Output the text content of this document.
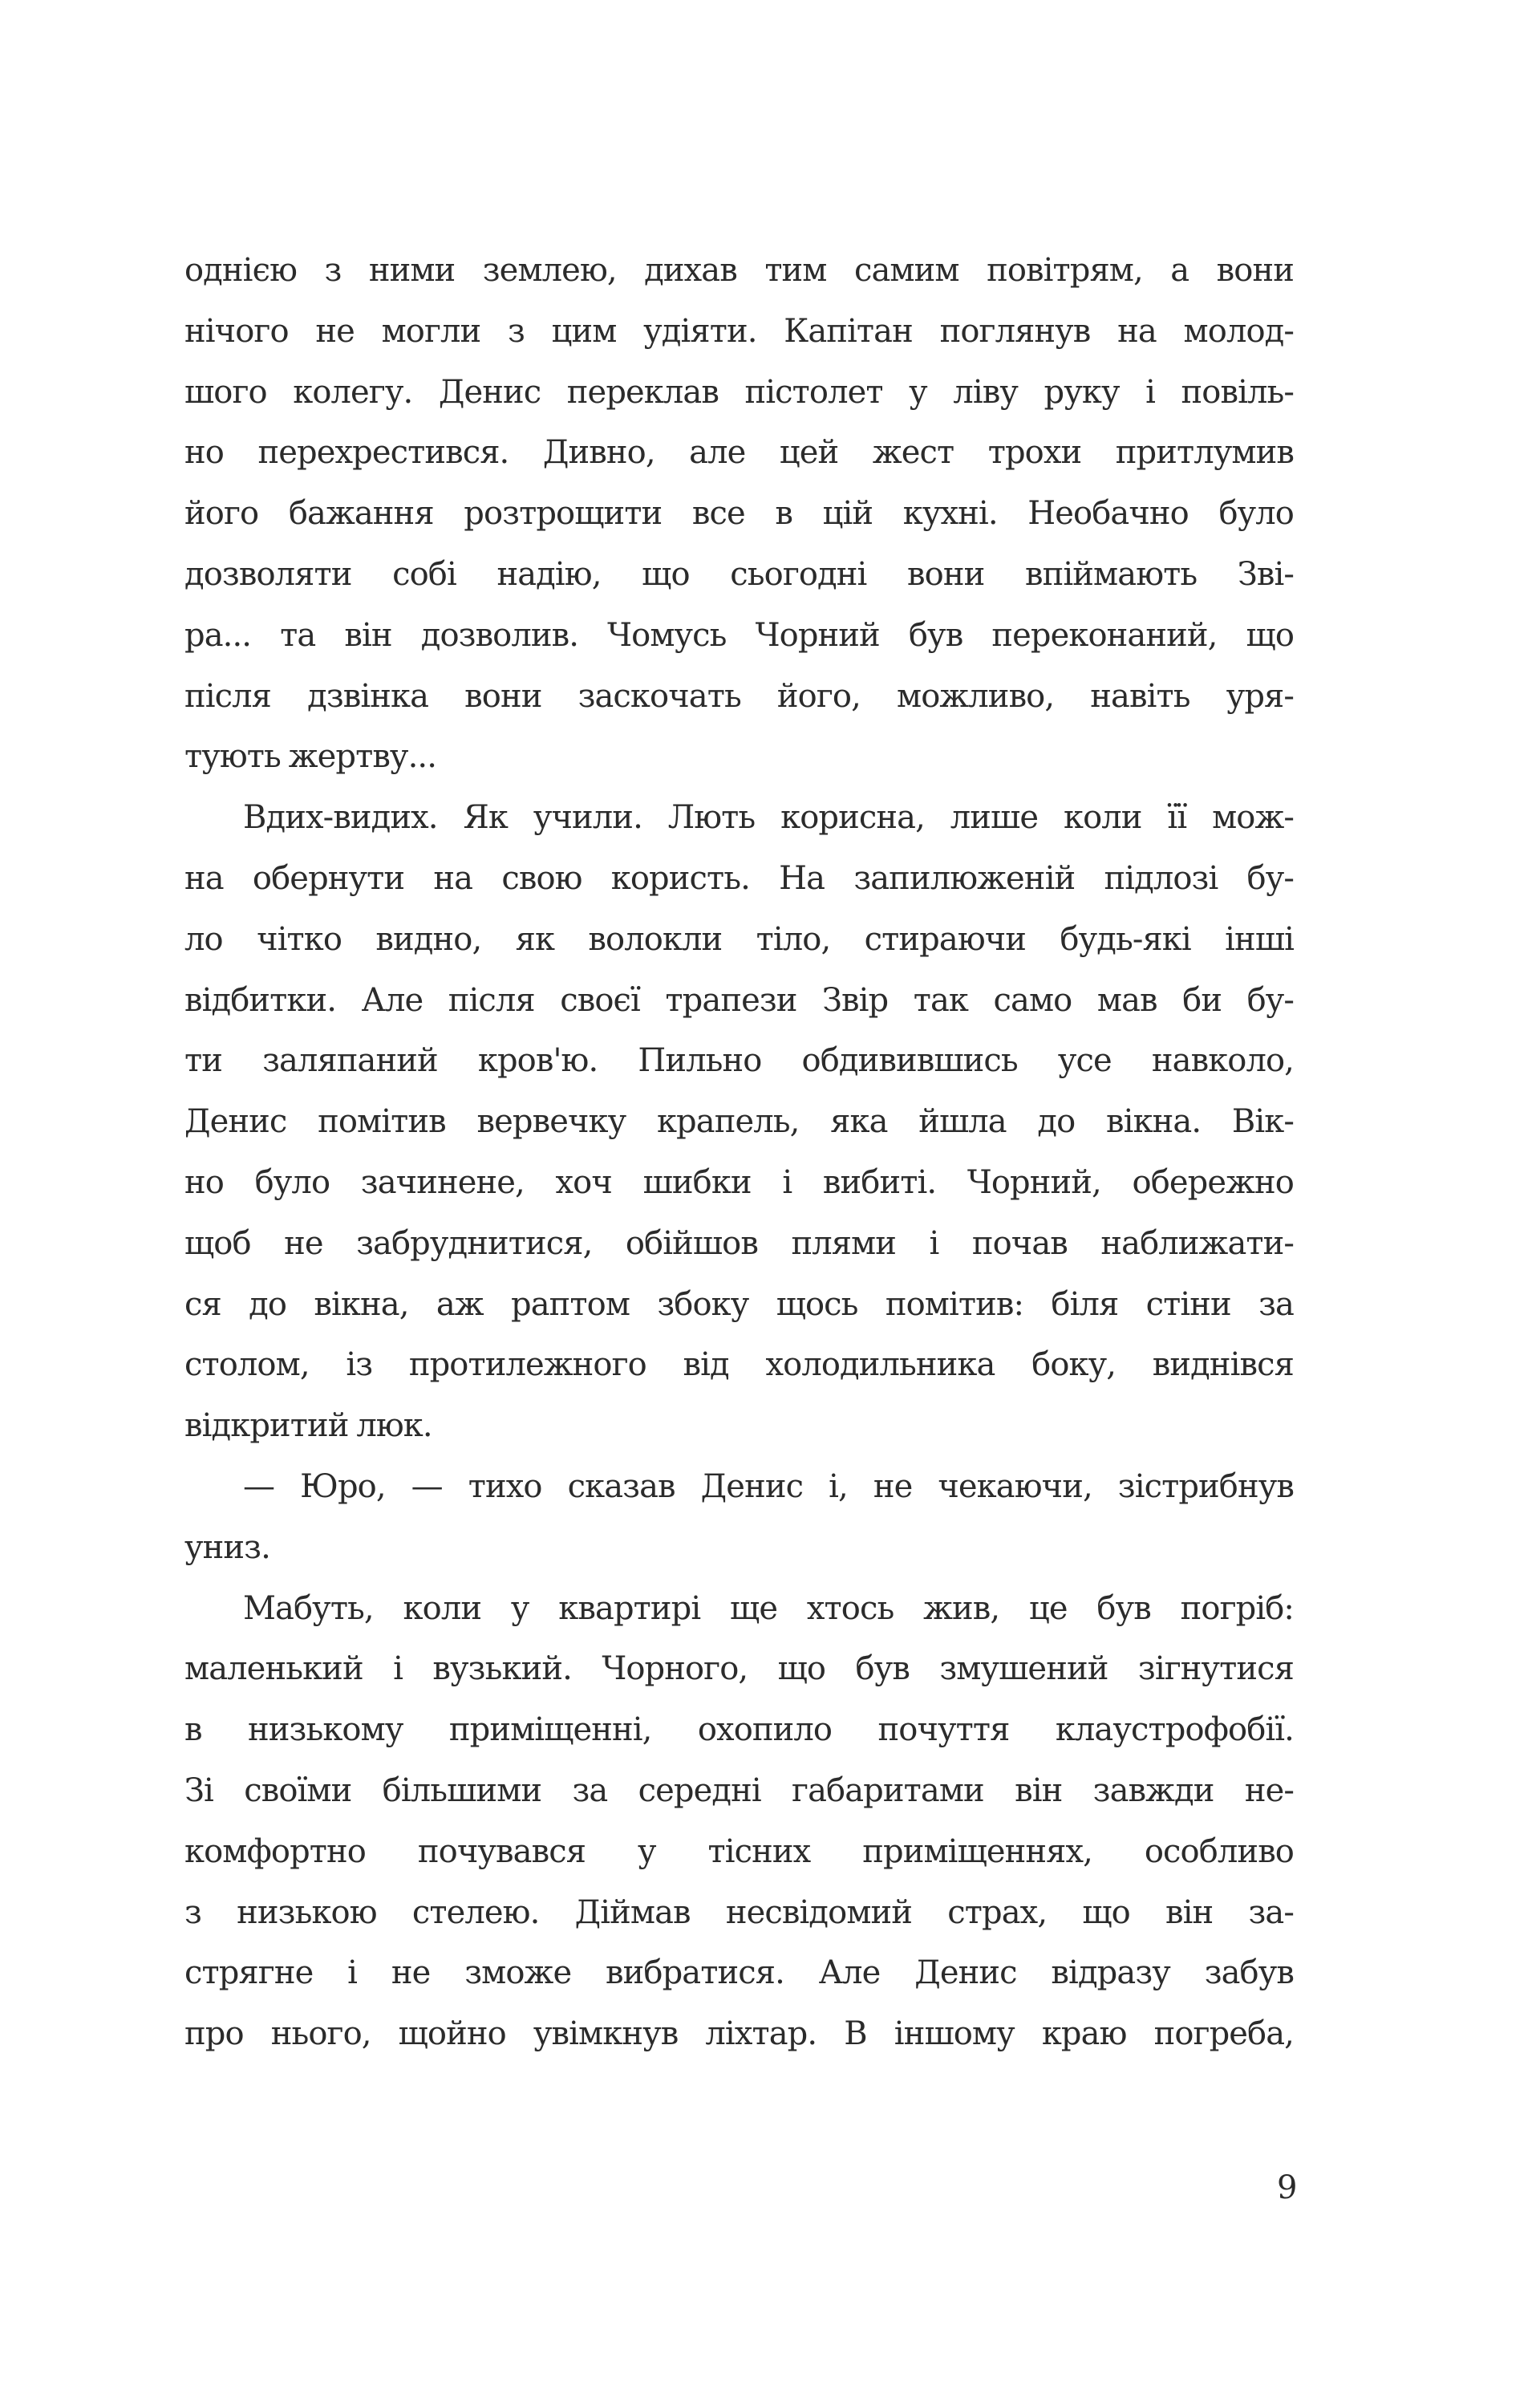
однією з ними землею, дихав тим самим повітрям, а вони
нічого не могли з цим удіяти. Капітан поглянув на молод-
шого колегу. Денис переклав пістолет у ліву руку і повіль-
но перехрестився. Дивно, але цей жест трохи притлумив
його бажання розтрощити все в цій кухні. Необачно було
дозволяти собі надію, що сьогодні вони впіймають Зві-
ра... та він дозволив. Чомусь Чорний був переконаний, що
після дзвінка вони заскочать його, можливо, навіть уря-
тують жертву...
Вдих-видих. Як учили. Лють корисна, лише коли її мож-
на обернути на свою користь. На запилюженій підлозі бу-
ло чітко видно, як волокли тіло, стираючи будь-які інші
відбитки. Але після своєї трапези Звір так само мав би бу-
ти заляпаний кров'ю. Пильно обдивившись усе навколо,
Денис помітив вервечку крапель, яка йшла до вікна. Вік-
но було зачинене, хоч шибки і вибиті. Чорний, обережно
щоб не забруднитися, обійшов плями і почав наближати-
ся до вікна, аж раптом збоку щось помітив: біля стіни за
столом, із протилежного від холодильника боку, виднівся
відкритий люк.
— Юро, — тихо сказав Денис і, не чекаючи, зістрибнув
униз.
Мабуть, коли у квартирі ще хтось жив, це був погріб:
маленький і вузький. Чорного, що був змушений зігнутися
в низькому приміщенні, охопило почуття клаустрофобії.
Зі своїми більшими за середні габаритами він завжди не-
комфортно почувався у тісних приміщеннях, особливо
з низькою стелею. Діймав несвідомий страх, що він за-
стрягне і не зможе вибратися. Але Денис відразу забув
про нього, щойно увімкнув ліхтар. В іншому краю погреба,
9
